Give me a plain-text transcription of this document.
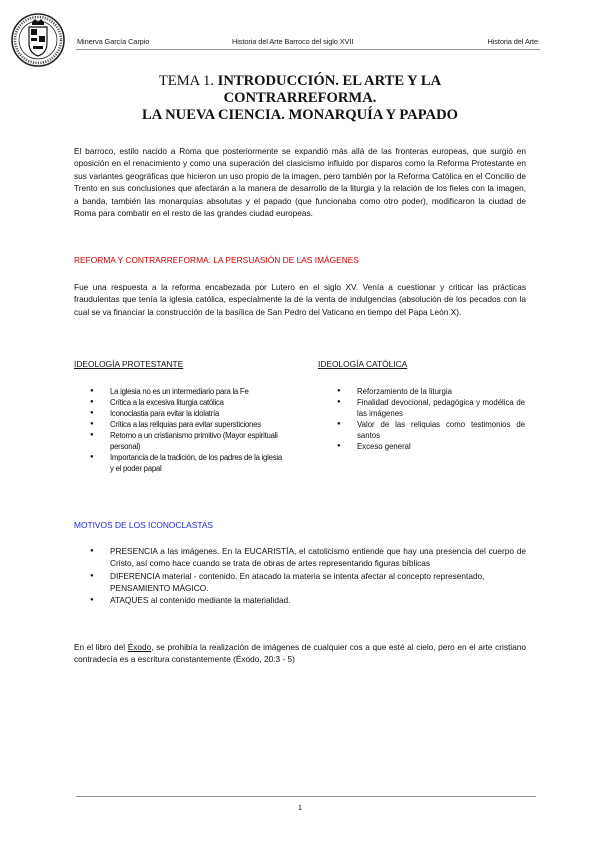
Minerva García Carpio	Historia del Arte Barroco del siglo XVII	Historia del Arte
TEMA 1. INTRODUCCIÓN. EL ARTE Y LA
CONTRARREFORMA.
LA NUEVA CIENCIA. MONARQUÍA Y PAPADO

El barroco, estilo nacido a Roma que posteriormente se expandió más allá de las fronteras europeas, que surgió en oposición en el renacimiento y como una superación del clasicismo influido por disparos como la Reforma Protestante en sus variantes geográficas que hicieron un uso propio de la imagen, pero también por la Reforma Católica en el Concilio de Trento en sus conclusiones que afectarán a la manera de desarrollo de la liturgia y la relación de los fieles con la imagen, a banda, también las monarquías absolutas y el papado (que funcionaba como otro poder), modificaron la ciudad de Roma para combatir en el resto de las grandes ciudad europeas.

REFORMA Y CONTRARREFORMA: LA PERSUASIÓN DE LAS IMÁGENES

Fue una respuesta a la reforma encabezada por Lutero en el siglo XV. Venía a cuestionar y criticar las prácticas fraudulentas que tenía la iglesia católica, especialmente la de la venta de indulgencias (absolución de los pecados con la cual se va financiar la construcción de la basílica de San Pedro del Vaticano en tiempo del Papa León X).

IDEOLOGÍA PROTESTANTE
● La iglesia no es un intermediario para la Fe
● Crítica a la excesiva liturgia católica
● Iconoclastia para evitar la idolatría
● Crítica a las reliquias para evitar supersticiones
● Retorno a un cristianismo primitivo (Mayor espirituali personal)
● Importancia de la tradición, de los padres de la iglesia y el poder papal
IDEOLOGÍA CATÓLICA
● Reforzamiento de la liturgia
● Finalidad devocional, pedagógica y modélica de las imágenes
● Valor de las reliquias como testimonios de santos
● Exceso general
MOTIVOS DE LOS ICONOCLASTAS
● PRESENCIA a las imágenes. En la EUCARISTÍA, el catolicismo entiende que hay una presencia del cuerpo de Cristo, así como hace cuando se trata de obras de artes representando figuras bíblicas
● DIFERENCIA material - contenido. En atacado la materia se intenta afectar al concepto representado, PENSAMIENTO MÁGICO.
● ATAQUES al contenido mediante la materialidad.

En el libro del Éxodo, se prohibía la realización de imágenes de cualquier cos a que esté al cielo, pero en el arte cristiano contradecía es a escritura constantemente (Éxodo, 20:3 - 5)

1
